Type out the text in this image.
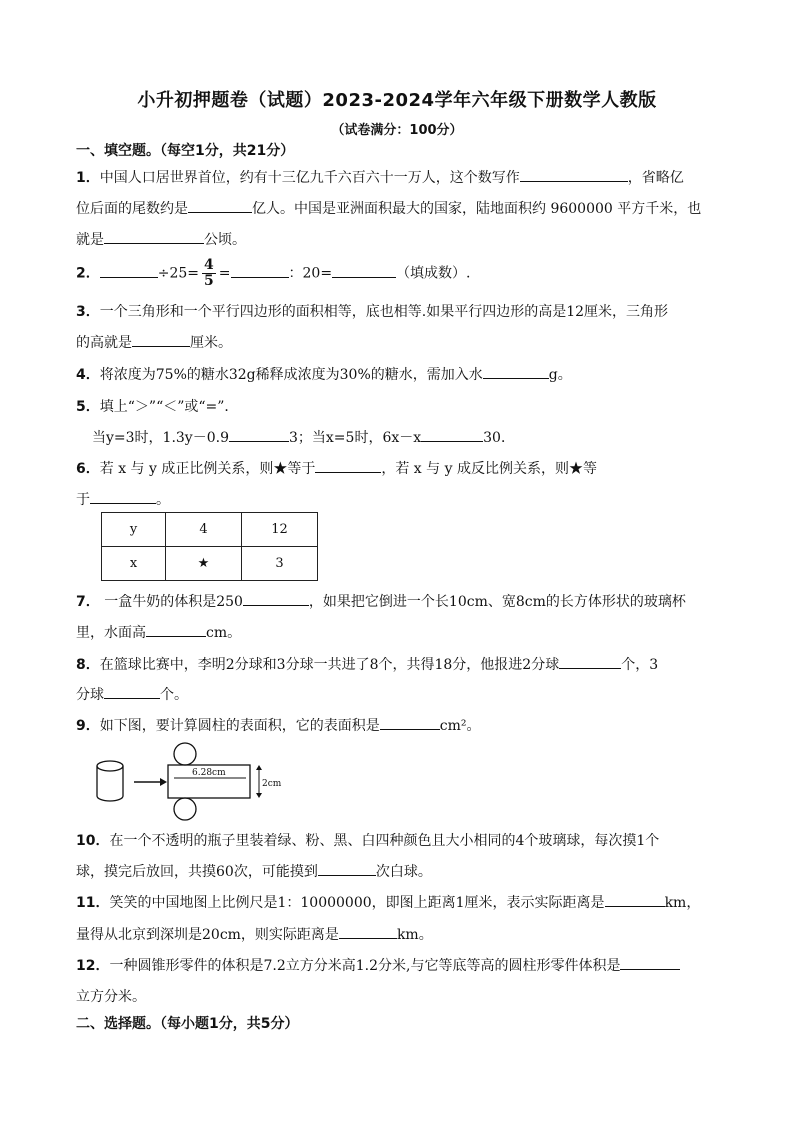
小升初押题卷（试题）2023-2024学年六年级下册数学人教版
（试卷满分：100分）
一、填空题。（每空1分，共21分）
1．中国人口居世界首位，约有十三亿九千六百六十一万人，这个数写作	，省略亿
位后面的尾数约是	亿人。中国是亚洲面积最大的国家，陆地面积约 9600000 平方千米，也
就是	公顷。
2．	$\div 25= \frac{4}{5}$ =	：20=	（填成数）.
3．一个三角形和一个平行四边形的面积相等，底也相等.如果平行四边形的高是12厘米，三角形
的高就是	厘米。
4．将浓度为75%的糖水32g稀释成浓度为30%的糖水，需加入水	g。
5．填上“＞”“＜”或“=”．
当y=3时，1.3y－0.9	3；当x=5时，6x－x	30．
6．若 x 与 y 成正比例关系，则★等于	，若 x 与 y 成反比例关系，则★等
于	。
y	4	12
x	★	3
7． 一盒牛奶的体积是250	，如果把它倒进一个长10cm、宽8cm的长方体形状的玻璃杯
里，水面高	cm。
8．在篮球比赛中，李明2分球和3分球一共进了8个，共得18分，他报进2分球	个，3
分球	个。
9．如下图，要计算圆柱的表面积，它的表面积是	cm²。
6.28cm
2cm
10．在一个不透明的瓶子里装着绿、粉、黑、白四种颜色且大小相同的4个玻璃球，每次摸1个
球，摸完后放回，共摸60次，可能摸到	次白球。
11．笑笑的中国地图上比例尺是1：10000000，即图上距离1厘米，表示实际距离是	km，
量得从北京到深圳是20cm，则实际距离是	km。
12．一种圆锥形零件的体积是7.2立方分米高1.2分米,与它等底等高的圆柱形零件体积是
立方分米。
二、选择题。（每小题1分，共5分）
